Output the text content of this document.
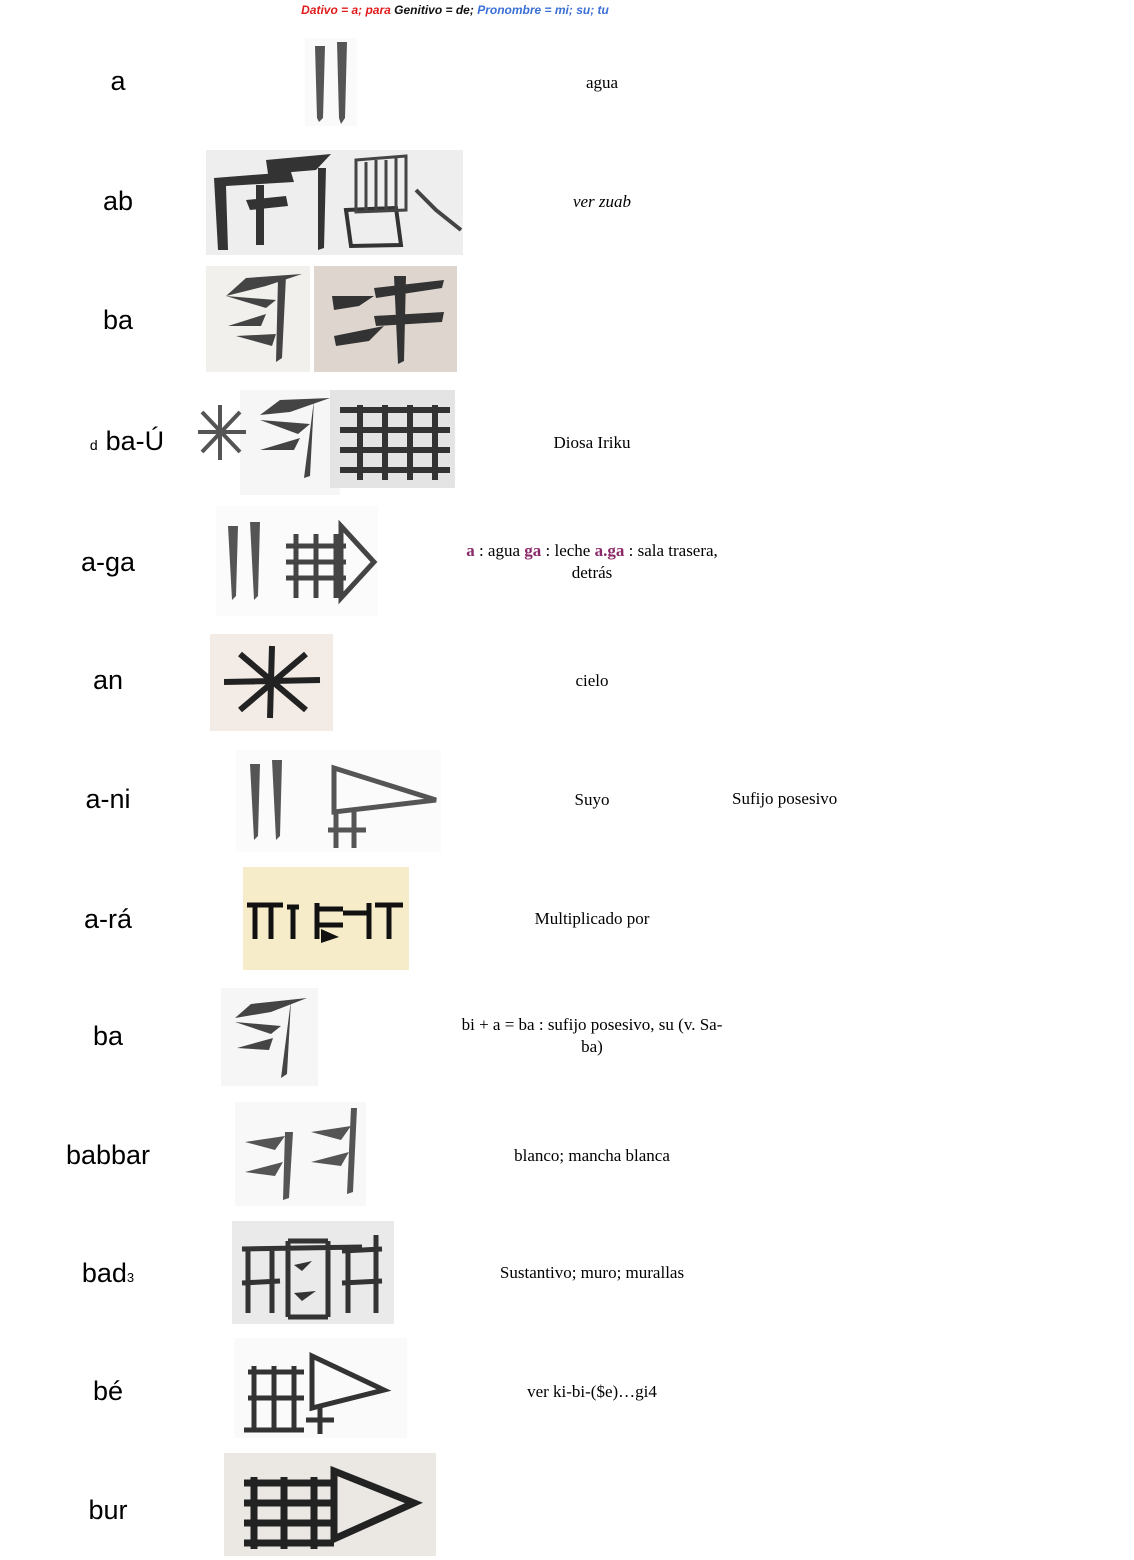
Dativo = a; para Genitivo = de; Pronombre = mi; su; tu
a	agua
ab	ver zuab
ba
d ba-Ú	Diosa Iriku
a-ga	a : agua ga : leche a.ga : sala trasera, detrás
an	cielo
a-ni	Suyo	Sufijo posesivo
a-rá	Multiplicado por
ba	bi + a = ba : sufijo posesivo, su (v. Sa-ba)
babbar	blanco; mancha blanca
bad3	Sustantivo; muro; murallas
bé	ver ki-bi-($e)…gi4
bur
